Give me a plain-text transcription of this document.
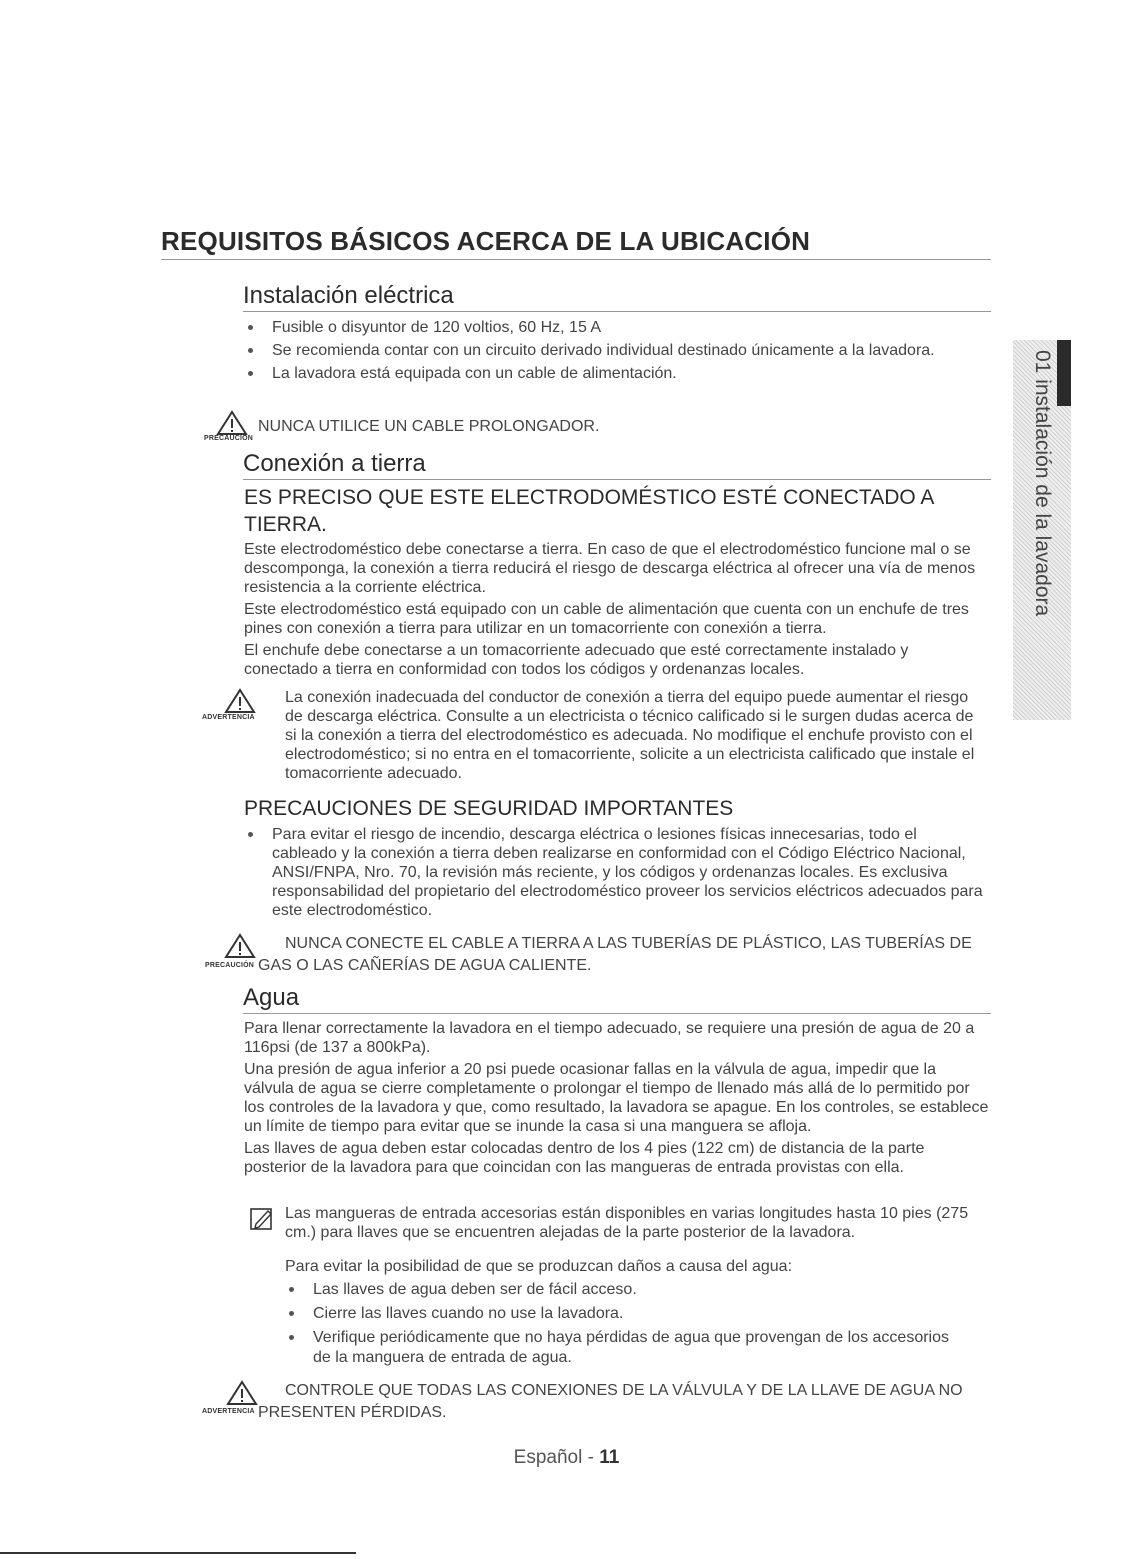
01 instalación de la lavadora
REQUISITOS BÁSICOS ACERCA DE LA UBICACIÓN
Instalación eléctrica
Fusible o disyuntor de 120 voltios, 60 Hz, 15 A
Se recomienda contar con un circuito derivado individual destinado únicamente a la lavadora.
La lavadora está equipada con un cable de alimentación.
PRECAUCIÓN
NUNCA UTILICE UN CABLE PROLONGADOR.
Conexión a tierra
ES PRECISO QUE ESTE ELECTRODOMÉSTICO ESTÉ CONECTADO A TIERRA.
Este electrodoméstico debe conectarse a tierra. En caso de que el electrodoméstico funcione mal o se descomponga, la conexión a tierra reducirá el riesgo de descarga eléctrica al ofrecer una vía de menos resistencia a la corriente eléctrica.
Este electrodoméstico está equipado con un cable de alimentación que cuenta con un enchufe de tres pines con conexión a tierra para utilizar en un tomacorriente con conexión a tierra.
El enchufe debe conectarse a un tomacorriente adecuado que esté correctamente instalado y conectado a tierra en conformidad con todos los códigos y ordenanzas locales.
ADVERTENCIA
La conexión inadecuada del conductor de conexión a tierra del equipo puede aumentar el riesgo de descarga eléctrica. Consulte a un electricista o técnico calificado si le surgen dudas acerca de si la conexión a tierra del electrodoméstico es adecuada. No modifique el enchufe provisto con el electrodoméstico; si no entra en el tomacorriente, solicite a un electricista calificado que instale el tomacorriente adecuado.
PRECAUCIONES DE SEGURIDAD IMPORTANTES
Para evitar el riesgo de incendio, descarga eléctrica o lesiones físicas innecesarias, todo el cableado y la conexión a tierra deben realizarse en conformidad con el Código Eléctrico Nacional, ANSI/FNPA, Nro. 70, la revisión más reciente, y los códigos y ordenanzas locales. Es exclusiva responsabilidad del propietario del electrodoméstico proveer los servicios eléctricos adecuados para este electrodoméstico.
PRECAUCIÓN
NUNCA CONECTE EL CABLE A TIERRA A LAS TUBERÍAS DE PLÁSTICO, LAS TUBERÍAS DE GAS O LAS CAÑERÍAS DE AGUA CALIENTE.
Agua
Para llenar correctamente la lavadora en el tiempo adecuado, se requiere una presión de agua de 20 a 116psi (de 137 a 800kPa).
Una presión de agua inferior a 20 psi puede ocasionar fallas en la válvula de agua, impedir que la válvula de agua se cierre completamente o prolongar el tiempo de llenado más allá de lo permitido por los controles de la lavadora y que, como resultado, la lavadora se apague. En los controles, se establece un límite de tiempo para evitar que se inunde la casa si una manguera se afloja.
Las llaves de agua deben estar colocadas dentro de los 4 pies (122 cm) de distancia de la parte posterior de la lavadora para que coincidan con las mangueras de entrada provistas con ella.
Las mangueras de entrada accesorias están disponibles en varias longitudes hasta 10 pies (275 cm.) para llaves que se encuentren alejadas de la parte posterior de la lavadora.
Para evitar la posibilidad de que se produzcan daños a causa del agua:
Las llaves de agua deben ser de fácil acceso.
Cierre las llaves cuando no use la lavadora.
Verifique periódicamente que no haya pérdidas de agua que provengan de los accesorios de la manguera de entrada de agua.
ADVERTENCIA
CONTROLE QUE TODAS LAS CONEXIONES DE LA VÁLVULA Y DE LA LLAVE DE AGUA NO PRESENTEN PÉRDIDAS.
Español - 11
